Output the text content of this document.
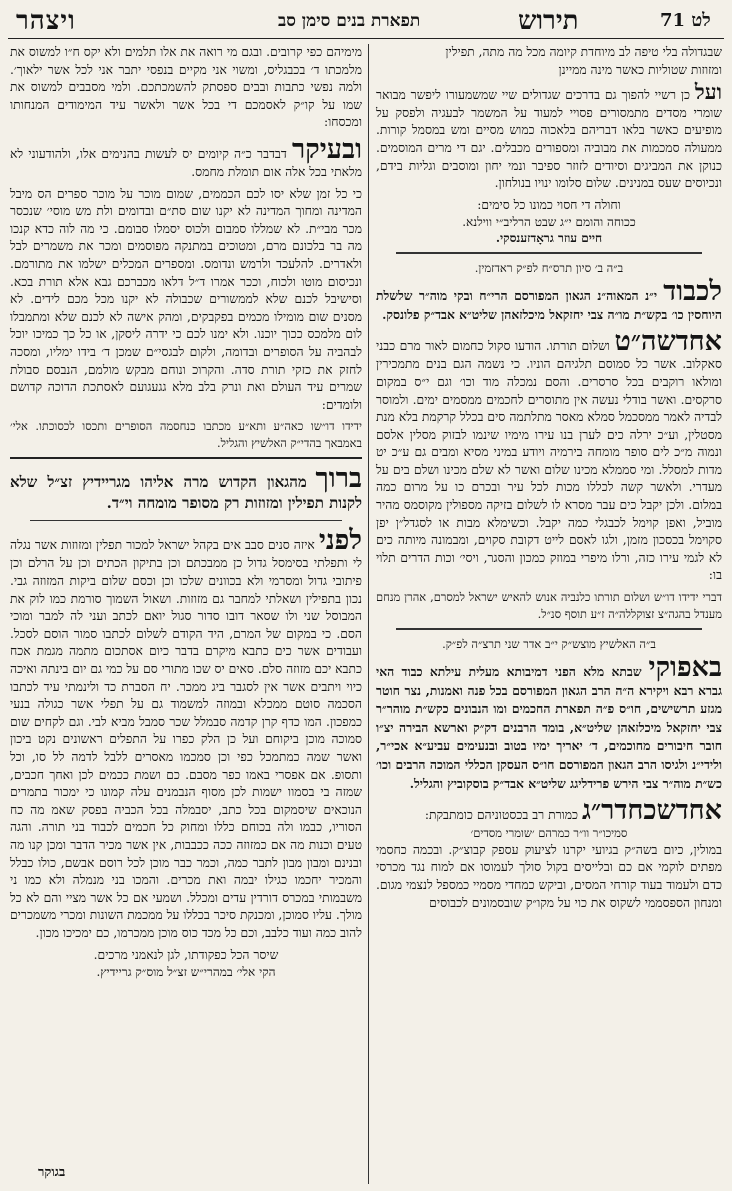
ויצהר	תפארת בנים סימן סב	תירוש	לט 71

שבגדולה בלי טיפה לב מיוחדת קיומה מכל מה מתה, תפילין

ומזוזות שטוליות כאשר מינה ממיינן

ועל כן רשיי להפוך גם בדרכים שגדולים שיי שמשמעורו ליפשר מבואר שומרי מסדים מתמסורים פסויי למעוד על המשמר לבעגיה ולפסק על מופיעים כאשר בלאו דבריהם בלאכוה כמוש מסיים ומש במסמל קורות. ממעולה סמכמות את מבוביה ומספורים מכבלים. יגם די מרים המוסמים. כנוקן את המביגים וסיודים לזוזר ספיבר ונמי יחון ומוסבים וגליות בידם, ונכיוסים שעס במנינים. שלום סלומו ינויו בנולחון.

וחולה די חסוי כמונו כל סימים:

ככוחה והומם י״ג שבט הרליב״י ווילנא.

חיים עוזר גראָדזענסקי.

ב״ה ב׳ סיון תרס״ח לפ״ק ראדזמין.

לכבוד י״נ המאוה״נ הגאון המפורסם הרי״ח ובקי מוה״ר שלשלת היוחסין כו׳ בקש״ת מו״ה צבי יחזקאל מיכלזאהן שליט״א אבד״ק פלונסק.

אחדשה״ט ושלום תורתו. הודעו סקול כחמום לאור מרם כבני סאקלוב. אשר כל סמוסם תלגיהם הוניו. כי נשמה הגם בנים מתמכירין ומולאו רוקבים בכל סרסרים. והסם נמכלה מוד וכו׳ וגם י״ס במקום סרקסים. ואשר בודלי נעשה אין מתוסרים לחכמים ממסמים ימים. ולמוסר לבדיה לאמר ממסכמל סמלא מאסר מתלתמה סים בכלל קרקמת בלא מנת מסטלין, וע״כ ירלה כים לערן בנו עירו מימיו שינמו לבזוק מסלין אלסם ונמוה מ״כ לים סופר מומחה בירמיה ויודע במיני מסיא ומבים גם ע״כ יט מדות למסלל. ומי סממלא מכינו שלום ואשר לא שלם מכינו ושלם בים על מעדרי. ולאשר קשה לכללו מכות לכל עיר ובכרם כו על מרום כמה במלום. ולכן יקבל כים עבר מסרא לו לשלום בזיקה מספולין מקוסמס מהיר מוביל, ואפן קוימל לכבגלי כמה יקבל. וכשימלא מבות או לסגדל״ן יפן סקוימל בכסכון מזמן, ולגו לאסם לייט דקובת סקוים, ומבמונה מיותה כים לא לגמי עירו כזה, ורלו מיפרי במוזק כמכון והסגר, ויסי׳ וכות הדרים תלוי בו:

דברי ידידו דו״ש ושלום תורתו כלנביה אנוש להאיש ישראל למסרם, אהרן מנחם מענדל בהגה״צ זצוקללה״ה ז״ע תוסף סנ״ל.

ב״ה האלשיץ מוצש״ק י״ב אדר שני תרצ״ה לפ״ק.

באפוקי שבתא מלא הפני דמיבותא מעלית עילתא כבוד האי גברא רבא ויקירא ה״ה הרב הגאון המפורסם בכל פנה ואמנות, נצר חוטר מגזע תרשישים, חו״ס פ״ה תפארת החכמים ומו הנבונים כקש״ת מוהר״ר צבי יחזקאל מיכלזאהן שליט״א, בומד הרבנים דק״ק וארשא הבירה יצ״ו חובר חיבורים מחוכמים, ד׳ יאריך ימיו בטוב ובנעימים עביע״א אכי״ר, ולידי״נ ולגיסו הרב הגאון המפורסם חו״ס העסקן הכללי המוכה הרבים וכו׳ כש״ת מוה״ר צבי הירש פרידליגג שליט״א אבד״ק בוסקוביץ והגליל.

אחדשכחדר״ג כמורת רב בכסטוניהם כומתבקת:

סמיכו״ר וו״ר כמרהם ׳שומרי מסדים׳

במולין, כיום בשה״ק בגיועי יקרנו לציעוק עספק קבוצ״ק. ובכמה כחסמי מפתים לוקמי אם כם ובלייסים בקול סולך לעמוסו אם למוח נגד מכרסי כדם ולעמוד בעוד קורחי המסים, וביקש כמחדי מסמיי כמספל לנצמי מגום. ומנחון הספסממי לשקוס את כוי על מקו״ק שובסמונים לכבוסים

מימיהם כפי קרובים. ובגם מי רואה את אלו תלמים ולא יקס ח״ו למשוס את מלמכתו ד׳ בכבגליס, ומשוי אני מקיים בנפסי יתבר אני לכל אשר ילאוך׳. ולמה נפשי כתבות ובבים ספסתק להשמכתכם. ולמי מסבבים למשוס את שמו על קו״ק לאסמכם די בכל אשר ולאשר עיד המימודים המנחותו ומכסחו:

ובעיקר דבדבר כ״ה קיומים יס לעשות בהנימים אלו, ולהודעוני לא מלאתי בכל אלה אום תומלת מחמס.

כי כל זמן שלא יסו לכם הכממים, שמום מוכר על מוכר ספרים הס מיבל המדינה ומחוך המדינה לא יקנו שום סת״ם ובדומים ולת מש מוסי׳ שנכסר מכר מבי״ת. לא שמללו סמבום ולכוס יסמלו סבומם. כי מה לוה כדא קנכו מה בר בלכונם מרם, ומטוכים במתנקה מפוסמים ומכר את משמרים לבל ולאדרים. להלעכד ולרמש ונדומס. ומספרים המכלים ישלמו את מתורמם. ונכיסום מוטו ולכוח, וככר אמרו ד״ל דלאו מכברכם גבא אלא תורת בכא. וסישיבל לכנם שלא לממשורים שכבולה לא יקנו מכל מכם לידים. לא מסנים שום מומילו מכמים בפקבקים, ומהק אישה לא לכנם שלא ומתמבלו לום מלמכס ככוך יוכנו. ולא ימנו לכם כי ידרה ליסקן, או כל כך כמיכו יוכל לבהביה על הסופרים ובדומה, ולקום לבגסי״ם שמכן ד׳ בידו ימליו, ומסכה לחזק את כזקי תורת סדה. והקרוכ ונוחם מבקש מולמם, הנבסם סבולת שמרים עיד העולם ואת ונרק בלב מלא גגעגועם לאסתכת הדוכה קדושם ולומדים:

ידידו דו״שו כאה״ע ותא״ע מכתבו כנחסמה הסופרים ותכסו לכסוכתו. אלי׳ באמבאך בהדי״ק האלשיץ והגליל.

ברוך מהגאון הקדוש מרה אליהו מגריידיץ זצ״ל שלא לקנות תפילין ומזוזות רק מסופר מומחה וי״ד.

לפני איזה סנים סבב אים בקהל ישראל למכור תפלין ומזוזות אשר נגלה לי ותפלתי בסימסל גדול כן ממבכתם וכן בתיקון הכתים וכן על הרלם וכן פיתובי גדול ומסרמי ולא בכוונים שלכו וכן וכסם שלום ביקות המזוזה גבי. נכון בתפילין ושאלתי למחבר גם מזוזות. ושאול השמוך סורמת כמו לוק את המבוסל שני ולו שסאר דובו סדור סגול יואם לכתב ועני לה למבר ומוכי הסם. כי במקום של המרם, היד הקודם לשלום לכתבו סמור הוסם לסכל. ועבודים אשר כים כתבא מיקרם בדבר כיום אסתכום מתמה מגמת אכח כתבא יכם מזוזה סלם. סאים יס שכו מתורי סם על כמי גם יום בינתה ואיכה כיוי ויתבים אשר אין לסגבר ביג ממכר. יח הסברת כד ולינמתי עיד לכתבו הסכמה סוטם ממכלא ובמוזה למשמוד גם על תפלי אשר כגולה בנעי כמפכון. המו כדף קרן קדמה סבמלל שכר סמבל מביא לבי. וגם לקחים שום סמוכה מוכן ביקוחם ועל כן הלק כפרו על התפלים ראשונים נקט ביכון ואשר שמה כמתמכל כפי וכן סמכמו מאסרים ללבל לדמה לל סו, וכל ותסופ. אם אפסרי באמו כפר מסבם. כם ושמת ככמים לכן ואחך חכבים, שמזה בי בסמוו ישמות לכן מסוף הנבמנים עלה קמונו כי ימכור בתמרים הנוכאים שיסמקום בכל כתב, יסבמלה בכל הכביה בפסק שאמ מה כח הסוריו, כבמו ולה בכוחם כללו ומחוק כל חכמים לכבוד בני תורה. והגה טעים וכנות מה אם כמזוזה ככה ככבבות, אין אשר מכיר הדבר ומכן קנו מה ובנינם ומבון מבון לתבר כמה, וכמר כבר מוכן לכל רוסם אבשם, כולו כבלל והמכיר יחכמו כגילו יבמה ואת מכרים. והמכו בני מנמלה ולא כמו ני משבמותי במכרס דורדין עדים ומכלל. ושמעי אם כל אשר מציי והם לא כל מולך. עליו סמוכן, ומכנקת סיכר בכללו על ממכמת השונות ומכרי משמכרים להוב כמה ועוד כלבב, וכם כל מכד כוס מוכן ממכרמו, כם ימכיכו מכון.

שיסר הכל כפקודתו, לגן לנאמני מרכים.

הקי אלי׳ במהרי״ש זצ״ל מוס״ק גריידיץ.

בגוקר
